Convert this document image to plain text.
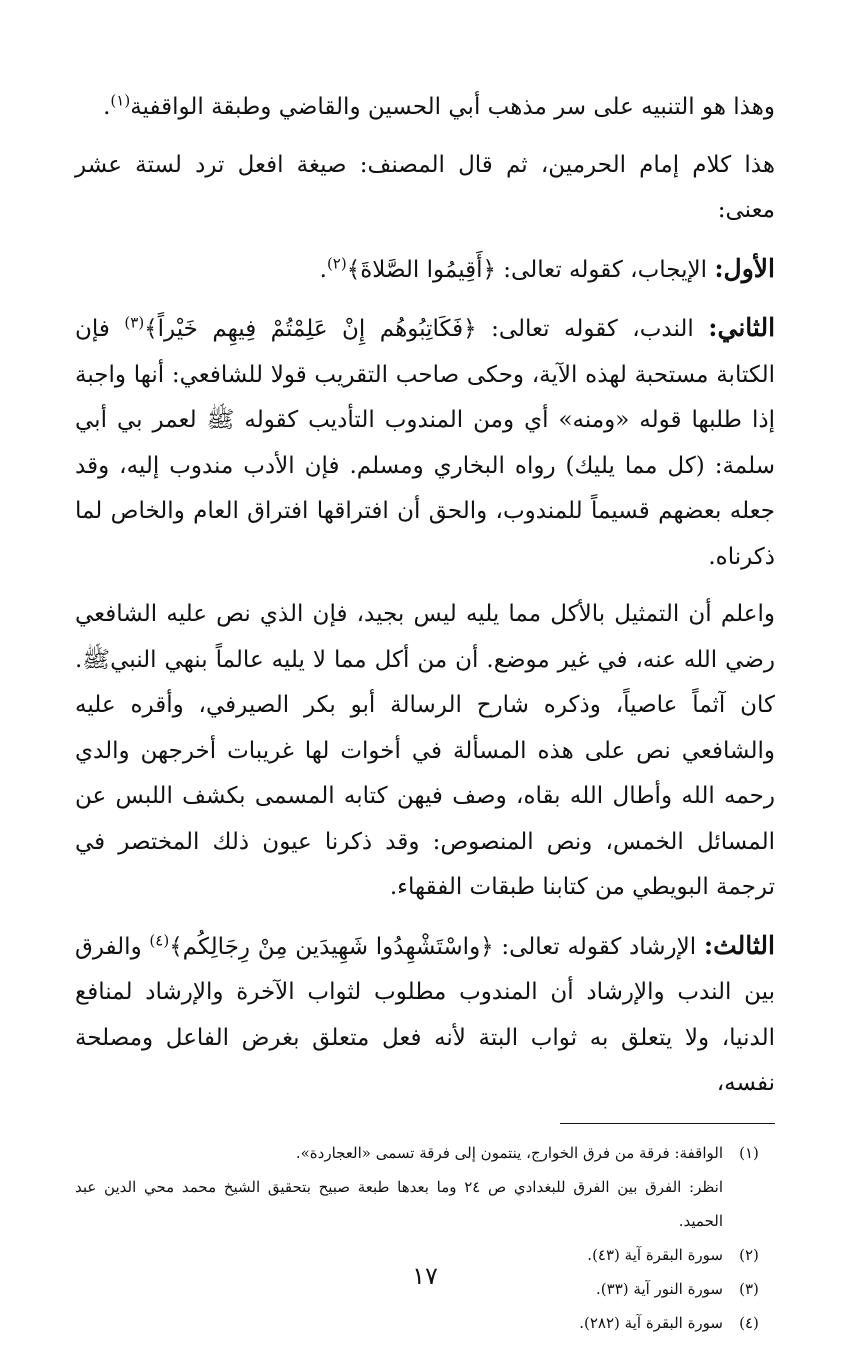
وهذا هو التنبيه على سر مذهب أبي الحسين والقاضي وطبقة الواقفية$^{(١)}$.

هذا كلام إمام الحرمين، ثم قال المصنف: صيغة افعل ترد لستة عشر معنى:

الأول: الإيجاب، كقوله تعالى: ﴿أَقِيمُوا الصَّلاةَ﴾$^{(٢)}$.

الثاني: الندب، كقوله تعالى: ﴿فَكَاتِبُوهُم إِنْ عَلِمْتُمْ فِيهِم خَيْراً﴾$^{(٣)}$ فإن الكتابة مستحبة لهذه الآية، وحكى صاحب التقريب قولا للشافعي: أنها واجبة إذا طلبها قوله «ومنه» أي ومن المندوب التأديب كقوله ﷺ لعمر بي أبي سلمة: (كل مما يليك) رواه البخاري ومسلم. فإن الأدب مندوب إليه، وقد جعله بعضهم قسيماً للمندوب، والحق أن افتراقها افتراق العام والخاص لما ذكرناه.

واعلم أن التمثيل بالأكل مما يليه ليس بجيد، فإن الذي نص عليه الشافعي رضي الله عنه، في غير موضع. أن من أكل مما لا يليه عالماً بنهي النبيﷺ. كان آثماً عاصياً، وذكره شارح الرسالة أبو بكر الصيرفي، وأقره عليه والشافعي نص على هذه المسألة في أخوات لها غريبات أخرجهن والدي رحمه الله وأطال الله بقاه، وصف فيهن كتابه المسمى بكشف اللبس عن المسائل الخمس، ونص المنصوص: وقد ذكرنا عيون ذلك المختصر في ترجمة البويطي من كتابنا طبقات الفقهاء.

الثالث: الإرشاد كقوله تعالى: ﴿واسْتَشْهِدُوا شَهِيدَين مِنْ رِجَالِكُم﴾$^{(٤)}$ والفرق بين الندب والإرشاد أن المندوب مطلوب لثواب الآخرة والإرشاد لمنافع الدنيا، ولا يتعلق به ثواب البتة لأنه فعل متعلق بغرض الفاعل ومصلحة نفسه،

(١)
الواقفة: فرقة من فرق الخوارج، ينتمون إلى فرقة تسمى «العجاردة».
انظر: الفرق بين الفرق للبغدادي ص ٢٤ وما بعدها طبعة صبيح بتحقيق الشيخ محمد محي الدين عبد الحميد.
(٢)
سورة البقرة آية (٤٣).
(٣)
سورة النور آية (٣٣).
(٤)
سورة البقرة آية (٢٨٢).
١٧
